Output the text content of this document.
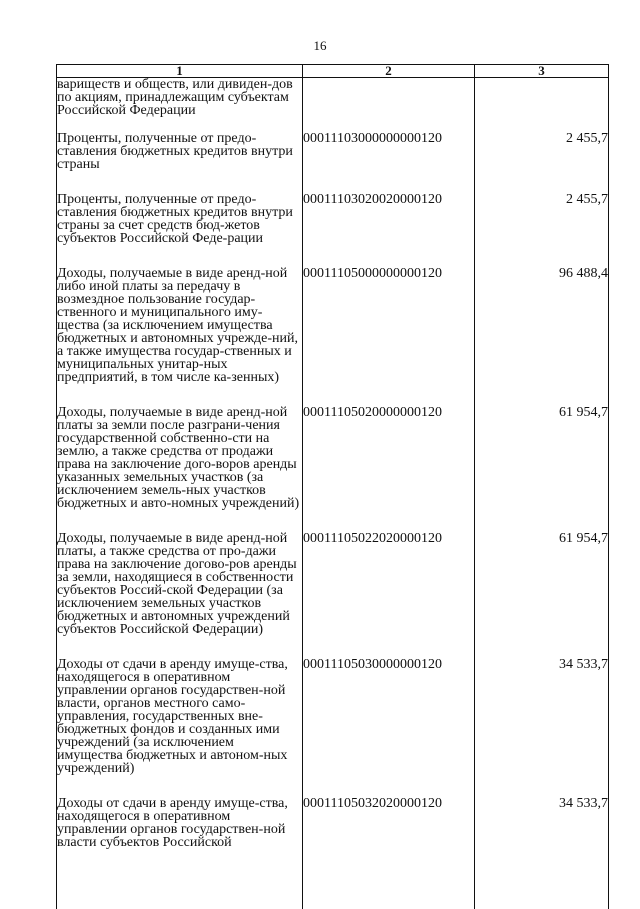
16
1	2	3
вариществ и обществ, или дивиден-дов по акциям, принадлежащим субъектам Российской Федерации		
Проценты, полученные от предо-ставления бюджетных кредитов внутри страны	00011103000000000120	2 455,7
Проценты, полученные от предо-ставления бюджетных кредитов внутри страны за счет средств бюд-жетов субъектов Российской Феде-рации	00011103020020000120	2 455,7
Доходы, получаемые в виде аренд-ной либо иной платы за передачу в возмездное пользование государ-ственного и муниципального иму-щества (за исключением имущества бюджетных и автономных учрежде-ний, а также имущества государ-ственных и муниципальных унитар-ных предприятий, в том числе ка-зенных)	00011105000000000120	96 488,4
Доходы, получаемые в виде аренд-ной платы за земли после разграни-чения государственной собственно-сти на землю, а также средства от продажи права на заключение дого-воров аренды указанных земельных участков (за исключением земель-ных участков бюджетных и авто-номных учреждений)	00011105020000000120	61 954,7
Доходы, получаемые в виде аренд-ной платы, а также средства от про-дажи права на заключение догово-ров аренды за земли, находящиеся в собственности субъектов Россий-ской Федерации (за исключением земельных участков бюджетных и автономных учреждений субъектов Российской Федерации)	00011105022020000120	61 954,7
Доходы от сдачи в аренду имуще-ства, находящегося в оперативном управлении органов государствен-ной власти, органов местного само-управления, государственных вне-бюджетных фондов и созданных ими учреждений (за исключением имущества бюджетных и автоном-ных учреждений)	00011105030000000120	34 533,7
Доходы от сдачи в аренду имуще-ства, находящегося в оперативном управлении органов государствен-ной власти субъектов Российской	00011105032020000120	34 533,7
